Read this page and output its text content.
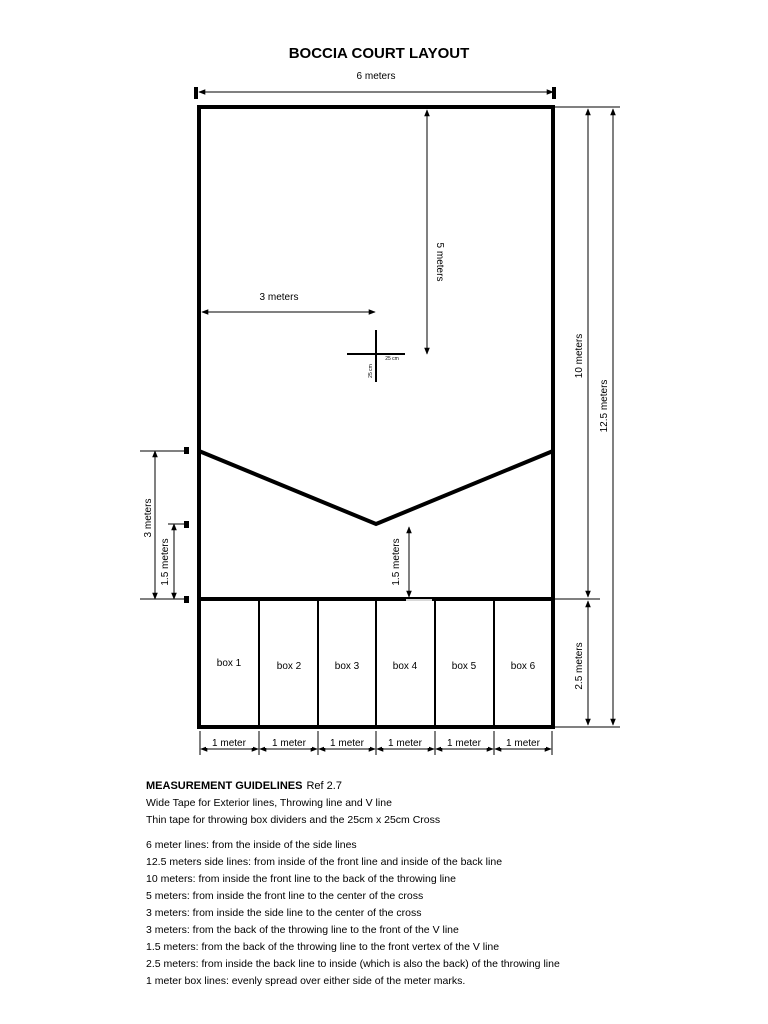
BOCCIA COURT LAYOUT
6 meters
box 1	box 2	box 3	box 4	box 5	box 6
25 cm
25 cm
3 meters
5 meters
1.5 meters
3 meters
1.5 meters
10 meters
2.5 meters
12.5 meters
1 meter	1 meter 1 meter 1 meter	1 meter	1 meter
MEASUREMENT GUIDELINES Ref 2.7
Wide Tape for Exterior lines, Throwing line and V line
Thin tape for throwing box dividers and the 25cm x 25cm Cross
6 meter lines: from the inside of the side lines
12.5 meters side lines: from inside of the front line and inside of the back line
10 meters: from inside the front line to the back of the throwing line
5 meters: from inside the front line to the center of the cross
3 meters: from inside the side line to the center of the cross
3 meters: from the back of the throwing line to the front of the V line
1.5 meters: from the back of the throwing line to the front vertex of the V line
2.5 meters: from inside the back line to inside (which is also the back) of the throwing line
1 meter box lines: evenly spread over either side of the meter marks.
